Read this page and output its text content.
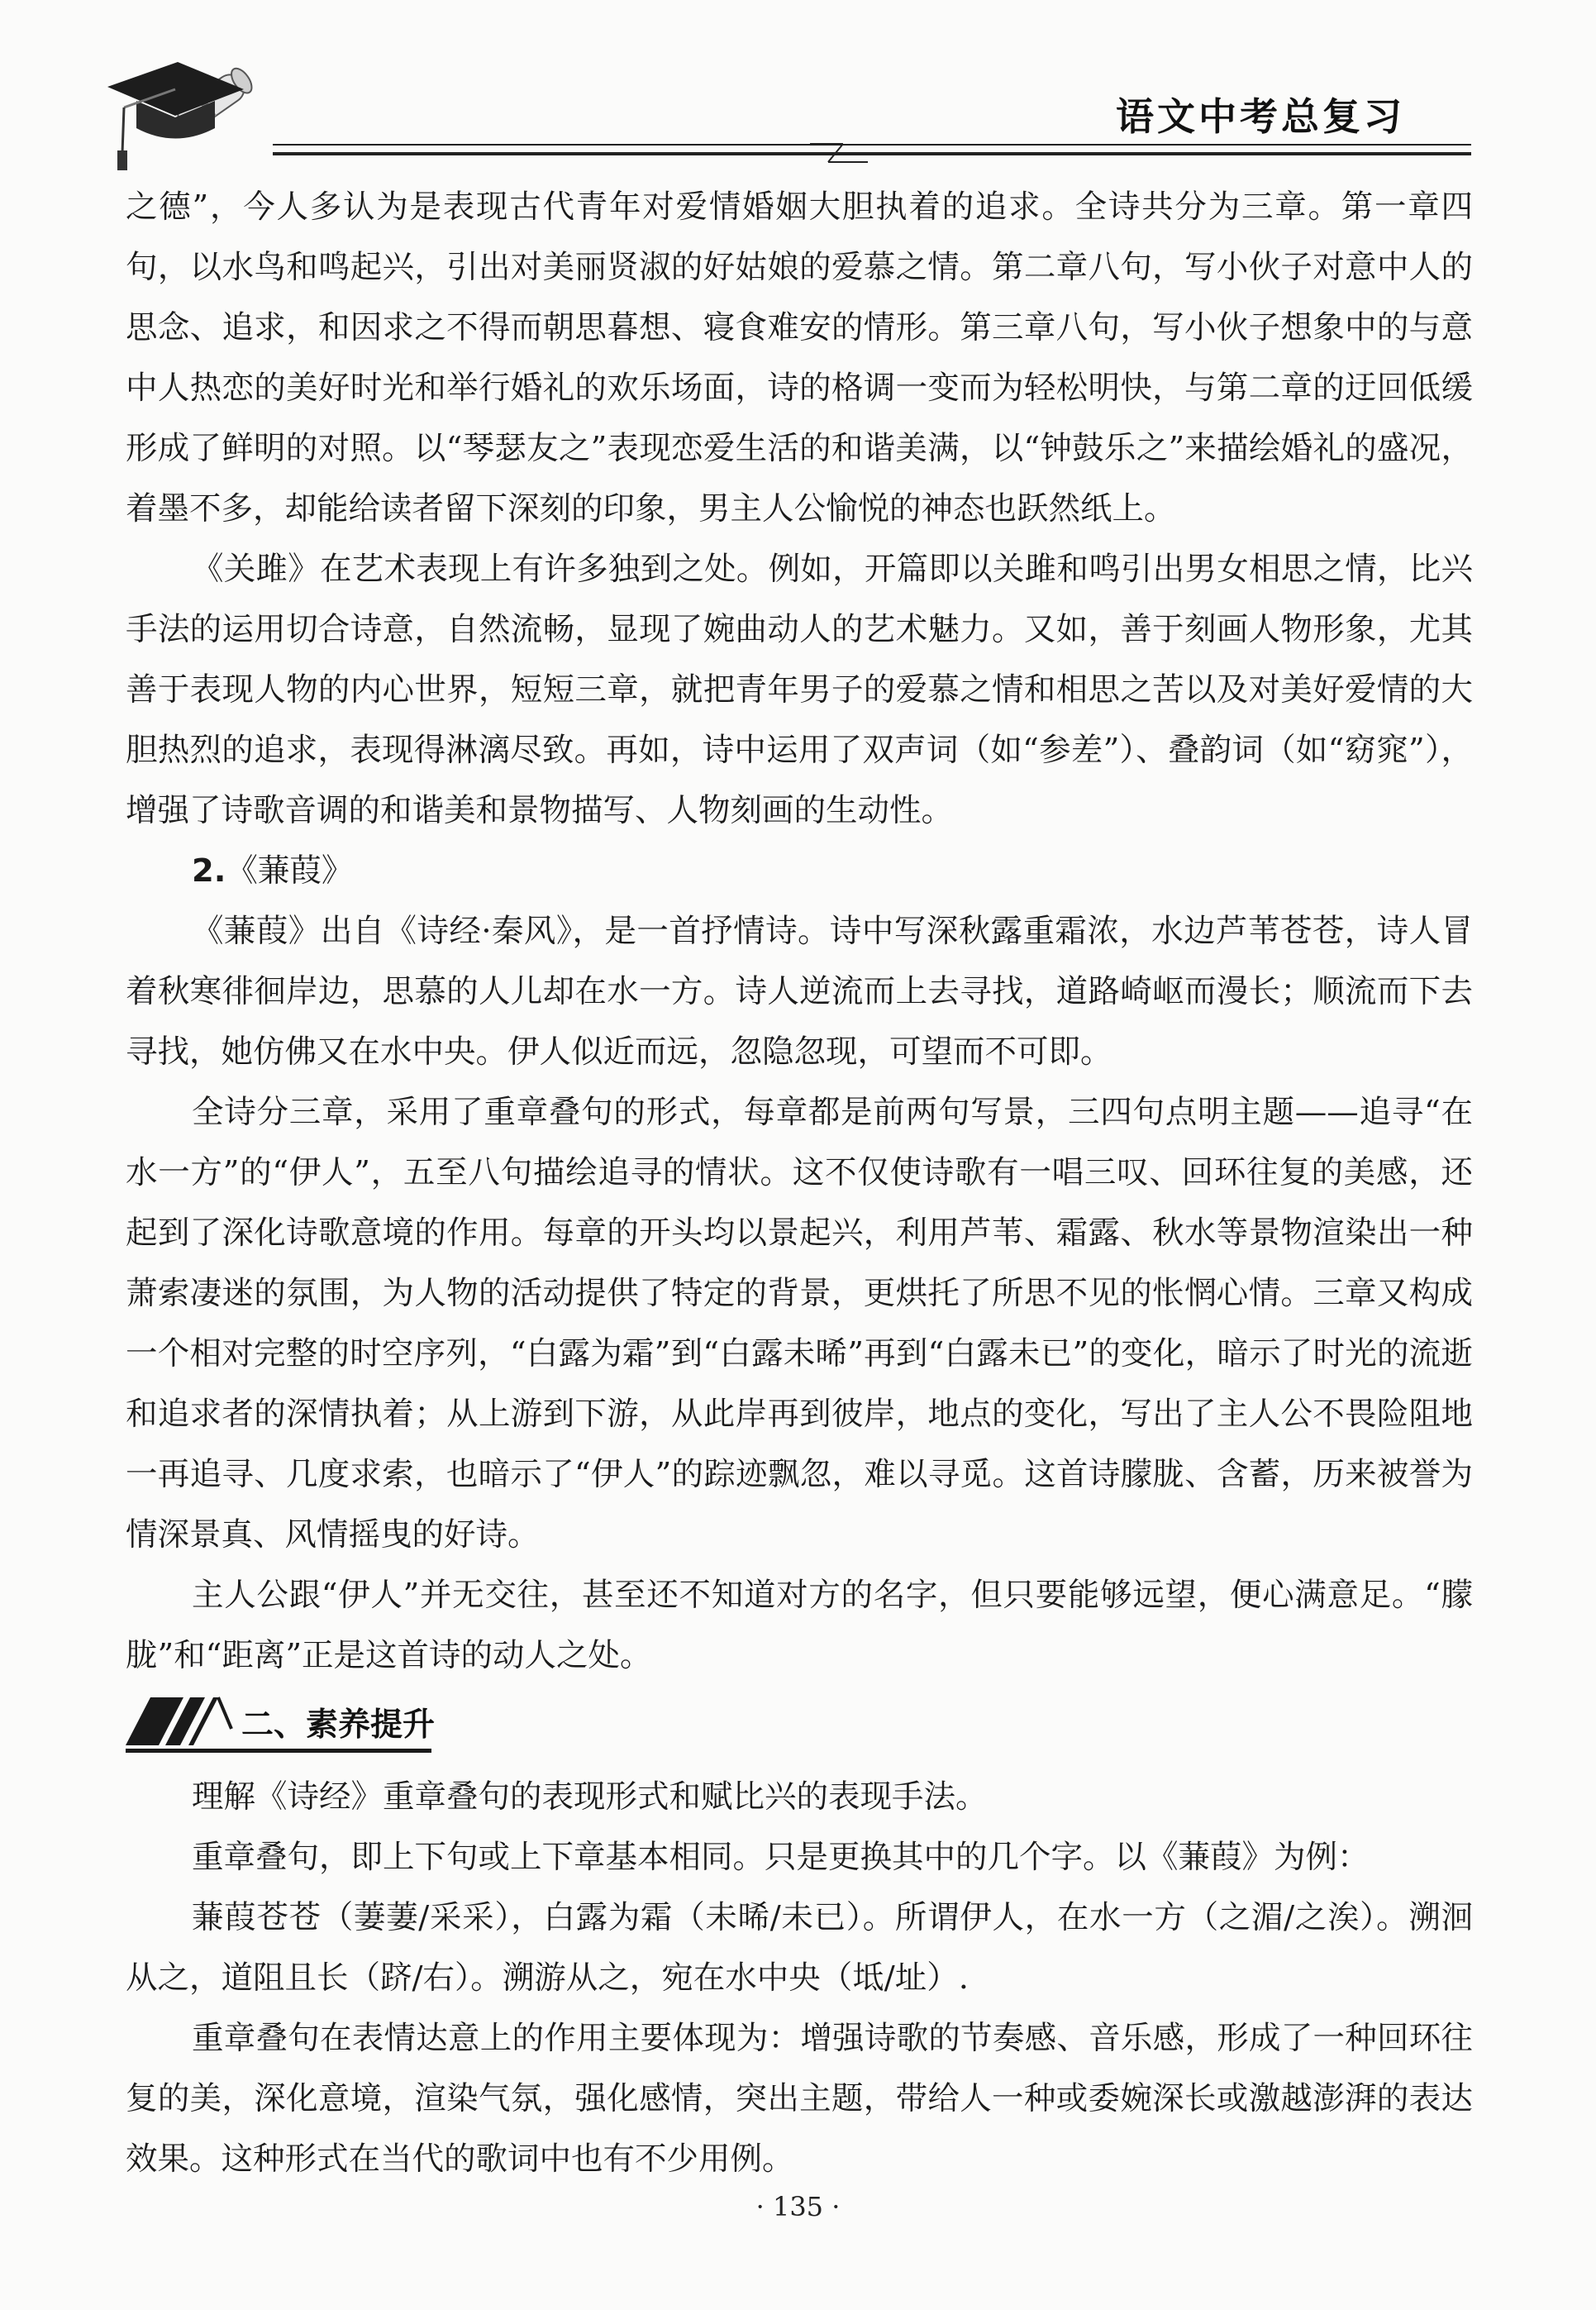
语文中考总复习

之德”，今人多认为是表现古代青年对爱情婚姻大胆执着的追求。全诗共分为三章。第一章四句，以水鸟和鸣起兴，引出对美丽贤淑的好姑娘的爱慕之情。第二章八句，写小伙子对意中人的思念、追求，和因求之不得而朝思暮想、寝食难安的情形。第三章八句，写小伙子想象中的与意中人热恋的美好时光和举行婚礼的欢乐场面，诗的格调一变而为轻松明快，与第二章的迂回低缓形成了鲜明的对照。以“琴瑟友之”表现恋爱生活的和谐美满，以“钟鼓乐之”来描绘婚礼的盛况，着墨不多，却能给读者留下深刻的印象，男主人公愉悦的神态也跃然纸上。

《关雎》在艺术表现上有许多独到之处。例如，开篇即以关雎和鸣引出男女相思之情，比兴手法的运用切合诗意，自然流畅，显现了婉曲动人的艺术魅力。又如，善于刻画人物形象，尤其善于表现人物的内心世界，短短三章，就把青年男子的爱慕之情和相思之苦以及对美好爱情的大胆热烈的追求，表现得淋漓尽致。再如，诗中运用了双声词（如“参差”）、叠韵词（如“窈窕”），增强了诗歌音调的和谐美和景物描写、人物刻画的生动性。

2.《蒹葭》

《蒹葭》出自《诗经·秦风》，是一首抒情诗。诗中写深秋露重霜浓，水边芦苇苍苍，诗人冒着秋寒徘徊岸边，思慕的人儿却在水一方。诗人逆流而上去寻找，道路崎岖而漫长；顺流而下去寻找，她仿佛又在水中央。伊人似近而远，忽隐忽现，可望而不可即。

全诗分三章，采用了重章叠句的形式，每章都是前两句写景，三四句点明主题——追寻“在水一方”的“伊人”，五至八句描绘追寻的情状。这不仅使诗歌有一唱三叹、回环往复的美感，还起到了深化诗歌意境的作用。每章的开头均以景起兴，利用芦苇、霜露、秋水等景物渲染出一种萧索凄迷的氛围，为人物的活动提供了特定的背景，更烘托了所思不见的怅惘心情。三章又构成一个相对完整的时空序列，“白露为霜”到“白露未晞”再到“白露未已”的变化，暗示了时光的流逝和追求者的深情执着；从上游到下游，从此岸再到彼岸，地点的变化，写出了主人公不畏险阻地一再追寻、几度求索，也暗示了“伊人”的踪迹飘忽，难以寻觅。这首诗朦胧、含蓄，历来被誉为情深景真、风情摇曳的好诗。

主人公跟“伊人”并无交往，甚至还不知道对方的名字，但只要能够远望，便心满意足。“朦胧”和“距离”正是这首诗的动人之处。

二、素养提升

理解《诗经》重章叠句的表现形式和赋比兴的表现手法。

重章叠句，即上下句或上下章基本相同。只是更换其中的几个字。以《蒹葭》为例：

蒹葭苍苍（萋萋/采采），白露为霜（未晞/未已）。所谓伊人，在水一方（之湄/之涘）。溯洄从之，道阻且长（跻/右）。溯游从之，宛在水中央（坻/址）.

重章叠句在表情达意上的作用主要体现为：增强诗歌的节奏感、音乐感，形成了一种回环往复的美，深化意境，渲染气氛，强化感情，突出主题，带给人一种或委婉深长或激越澎湃的表达效果。这种形式在当代的歌词中也有不少用例。

· 135 ·
